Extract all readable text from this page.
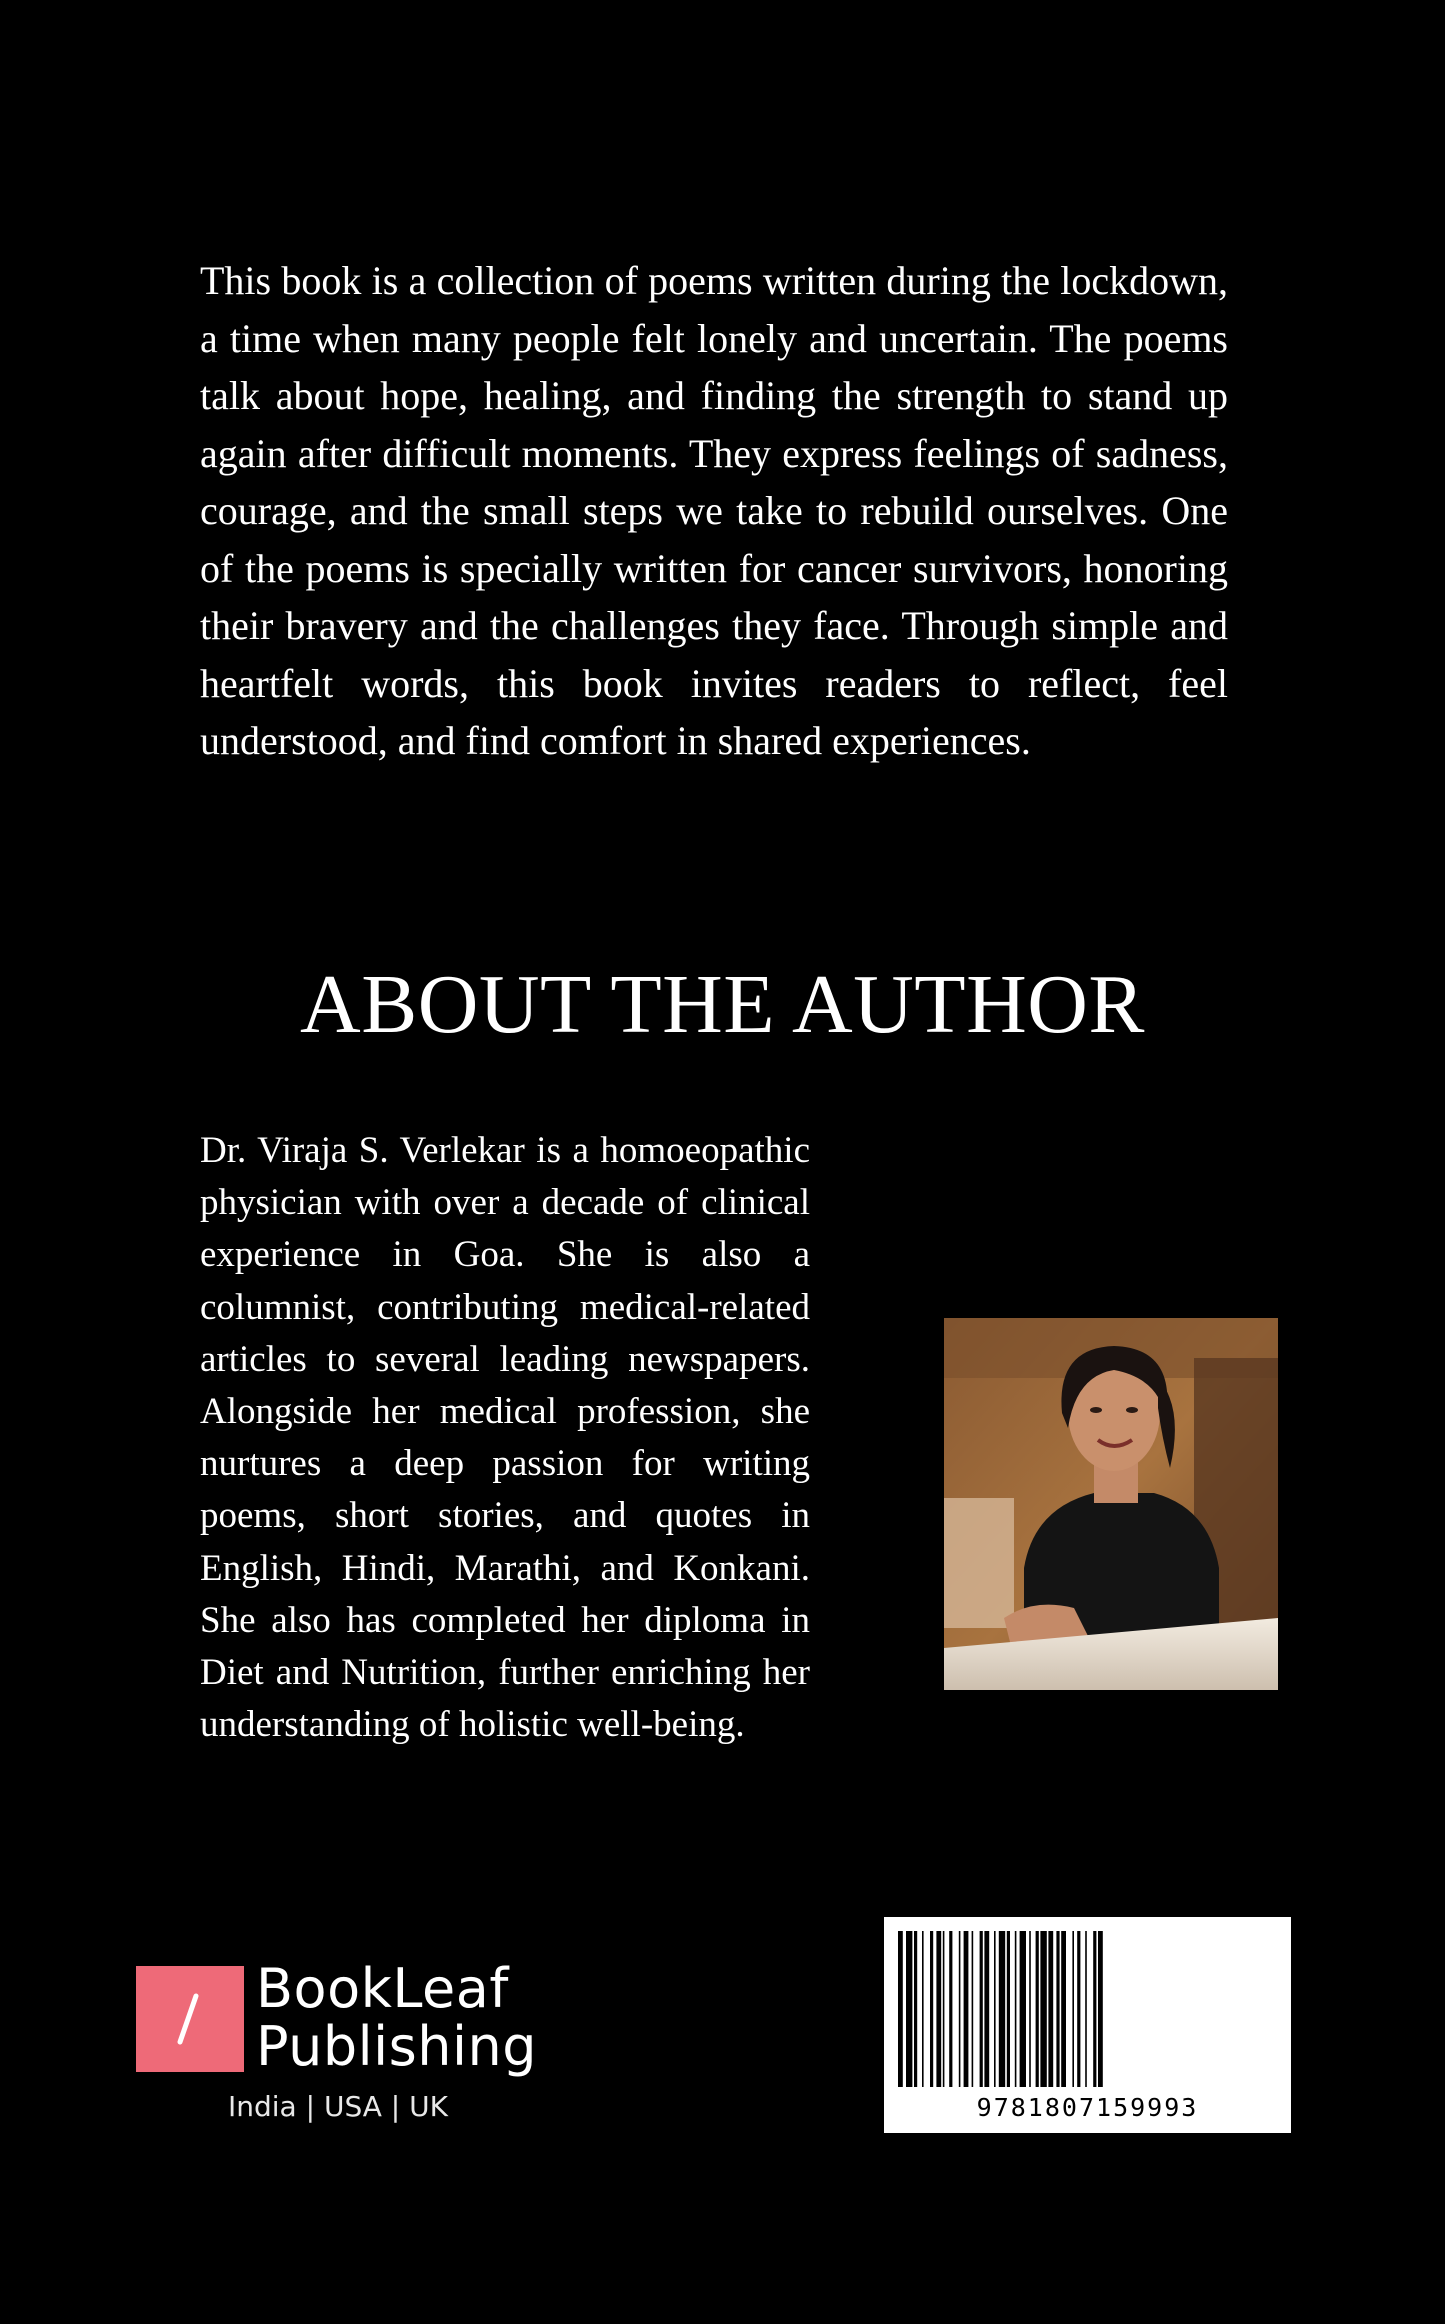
This book is a collection of poems written during the lockdown, a time when many people felt lonely and uncertain. The poems talk about hope, healing, and finding the strength to stand up again after difficult moments. They express feelings of sadness, courage, and the small steps we take to rebuild ourselves. One of the poems is specially written for cancer survivors, honoring their bravery and the challenges they face. Through simple and heartfelt words, this book invites readers to reflect, feel understood, and find comfort in shared experiences.

ABOUT THE AUTHOR

Dr. Viraja S. Verlekar is a homoeopathic physician with over a decade of clinical experience in Goa. She is also a columnist, contributing medical-related articles to several leading newspapers. Alongside her medical profession, she nurtures a deep passion for writing poems, short stories, and quotes in English, Hindi, Marathi, and Konkani. She also has completed her diploma in Diet and Nutrition, further enriching her understanding of holistic well-being.

BookLeaf
Publishing
India | USA | UK	9781807159993
